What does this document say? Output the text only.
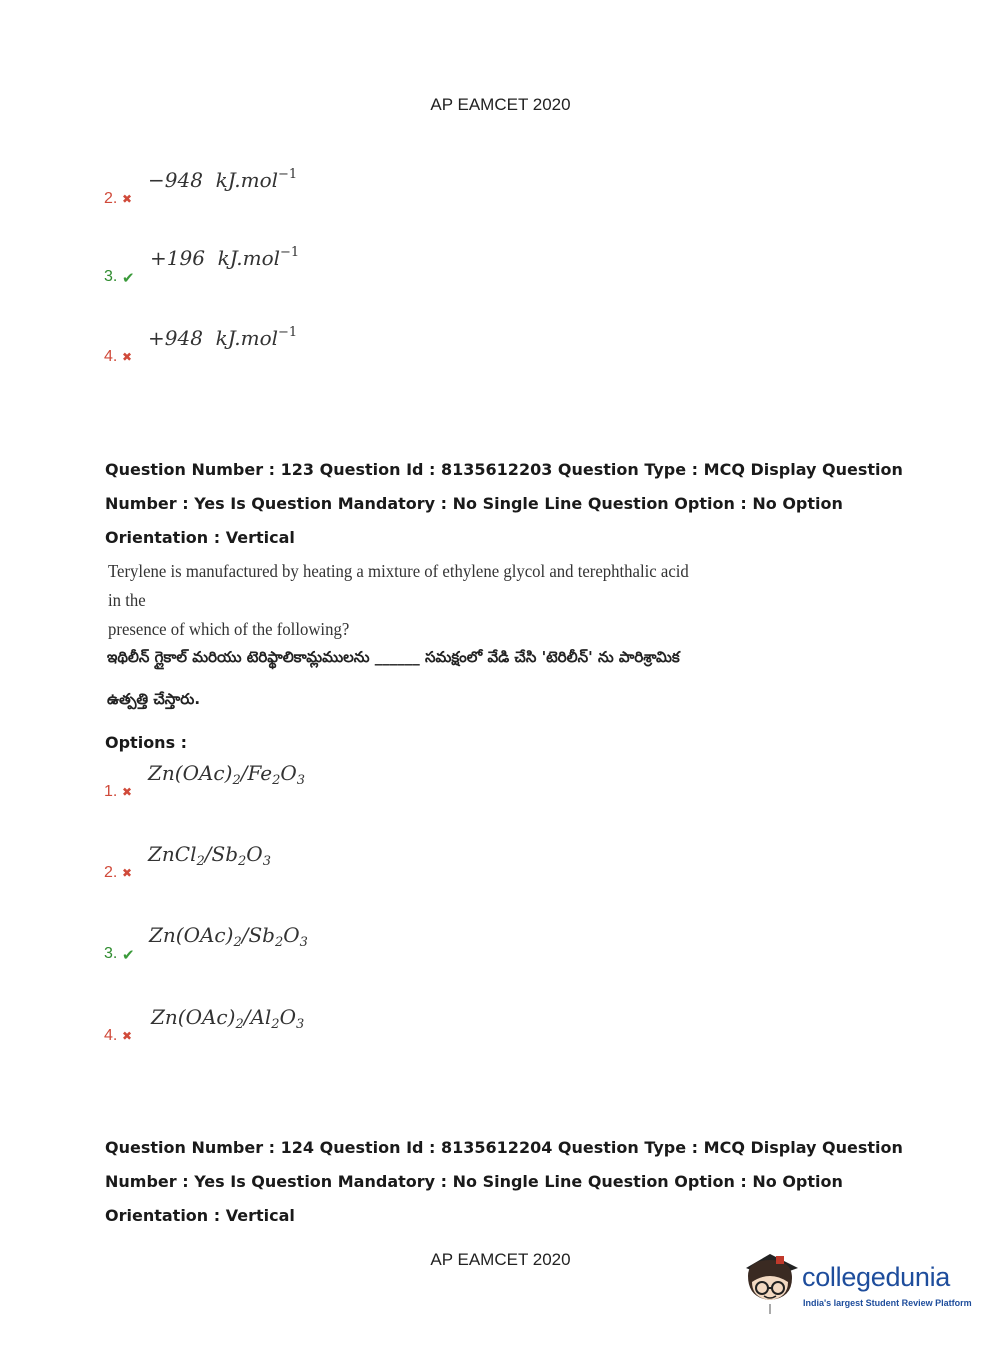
AP EAMCET 2020
2. ✖
−948 kJ.mol$^{-1}$
3. ✔
+196 kJ.mol$^{-1}$
4. ✖
+948 kJ.mol$^{-1}$
Question Number : 123 Question Id : 8135612203 Question Type : MCQ Display Question
Number : Yes Is Question Mandatory : No Single Line Question Option : No Option
Orientation : Vertical
Terylene is manufactured by heating a mixture of ethylene glycol and terephthalic acid in the
presence of which of the following?
ఇథిలీన్ గ్లైకాల్ మరియు టెరిఫ్థాలికామ్లములను ______ సమక్షంలో వేడి చేసి 'టెరిలీన్' ను పారిశ్రామిక
ఉత్పత్తి చేస్తారు.
Options :
1. ✖
$Zn(OAc)_2/Fe_2O_3$
2. ✖
$ZnCl_2/Sb_2O_3$
3. ✔
$Zn(OAc)_2/Sb_2O_3$
4. ✖
$Zn(OAc)_2/Al_2O_3$
Question Number : 124 Question Id : 8135612204 Question Type : MCQ Display Question
Number : Yes Is Question Mandatory : No Single Line Question Option : No Option
Orientation : Vertical
AP EAMCET 2020
collegedunia
India's largest Student Review Platform
